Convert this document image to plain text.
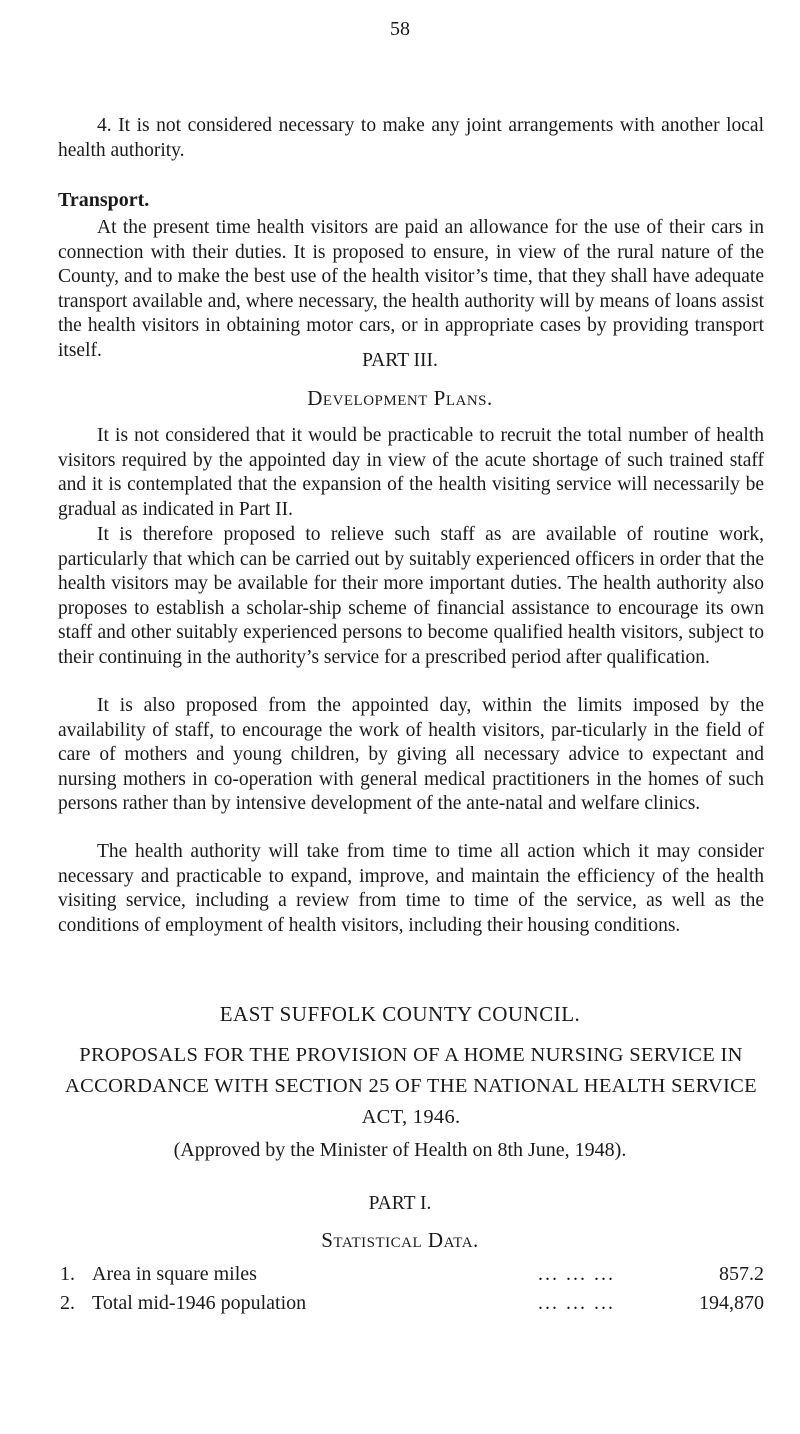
58

4. It is not considered necessary to make any joint arrangements with another local health authority.

Transport.

At the present time health visitors are paid an allowance for the use of their cars in connection with their duties. It is proposed to ensure, in view of the rural nature of the County, and to make the best use of the health visitor’s time, that they shall have adequate transport available and, where necessary, the health authority will by means of loans assist the health visitors in obtaining motor cars, or in appropriate cases by providing transport itself.	PART III.

Development Plans.

It is not considered that it would be practicable to recruit the total number of health visitors required by the appointed day in view of the acute shortage of such trained staff and it is contemplated that the expansion of the health visiting service will necessarily be gradual as indicated in Part II.

It is therefore proposed to relieve such staff as are available of routine work, particularly that which can be carried out by suitably experienced officers in order that the health visitors may be available for their more important duties. The health authority also proposes to establish a scholar-ship scheme of financial assistance to encourage its own staff and other suitably experienced persons to become qualified health visitors, subject to their continuing in the authority’s service for a prescribed period after qualification.

It is also proposed from the appointed day, within the limits imposed by the availability of staff, to encourage the work of health visitors, par-ticularly in the field of care of mothers and young children, by giving all necessary advice to expectant and nursing mothers in co-operation with general medical practitioners in the homes of such persons rather than by intensive development of the ante-natal and welfare clinics.

The health authority will take from time to time all action which it may consider necessary and practicable to expand, improve, and maintain the efficiency of the health visiting service, including a review from time to time of the service, as well as the conditions of employment of health visitors, including their housing conditions.

EAST SUFFOLK COUNTY COUNCIL.

PROPOSALS FOR THE PROVISION OF A HOME NURSING SERVICE IN ACCORDANCE WITH SECTION 25 OF THE NATIONAL HEALTH SERVICE ACT, 1946.

(Approved by the Minister of Health on 8th June, 1948).

PART I.

Statistical Data.

1. Area in square miles	... ... ...	857.2
2. Total mid-1946 population	... ... ...	194,870
